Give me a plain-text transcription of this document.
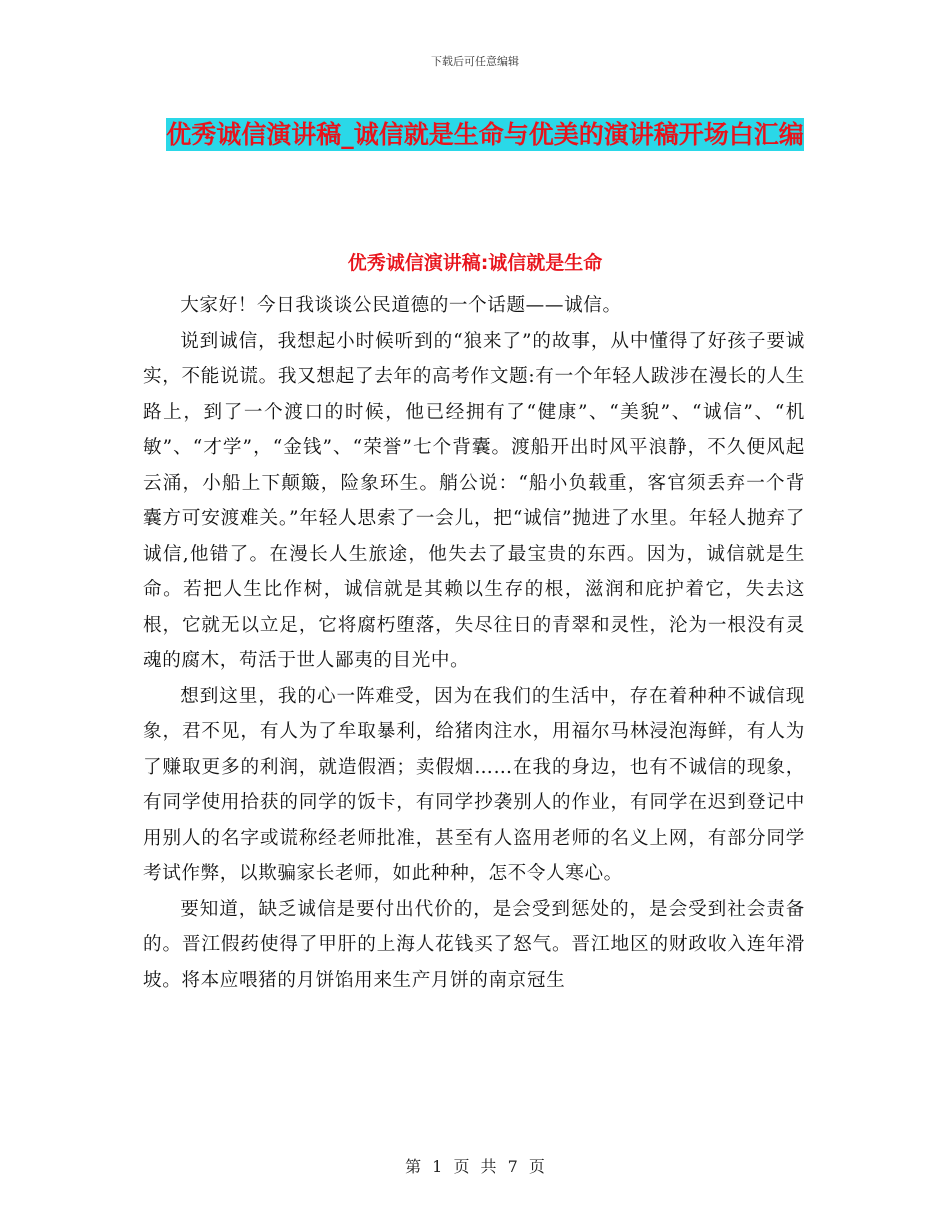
下载后可任意编辑
优秀诚信演讲稿_诚信就是生命与优美的演讲稿开场白汇编
优秀诚信演讲稿:诚信就是生命

大家好！今日我谈谈公民道德的一个话题——诚信。

说到诚信，我想起小时候听到的“狼来了”的故事，从中懂得了好孩子要诚实，不能说谎。我又想起了去年的高考作文题:有一个年轻人跋涉在漫长的人生路上，到了一个渡口的时候，他已经拥有了“健康”、“美貌”、“诚信”、“机敏”、“才学”，“金钱”、“荣誉”七个背囊。渡船开出时风平浪静，不久便风起云涌，小船上下颠簸，险象环生。艄公说：“船小负载重，客官须丢弃一个背囊方可安渡难关。”年轻人思索了一会儿，把“诚信”抛进了水里。年轻人抛弃了诚信,他错了。在漫长人生旅途，他失去了最宝贵的东西。因为，诚信就是生命。若把人生比作树，诚信就是其赖以生存的根，滋润和庇护着它，失去这根，它就无以立足，它将腐朽堕落，失尽往日的青翠和灵性，沦为一根没有灵魂的腐木，苟活于世人鄙夷的目光中。

想到这里，我的心一阵难受，因为在我们的生活中，存在着种种不诚信现象，君不见，有人为了牟取暴利，给猪肉注水，用福尔马林浸泡海鲜，有人为了赚取更多的利润，就造假酒；卖假烟……在我的身边，也有不诚信的现象，有同学使用拾获的同学的饭卡，有同学抄袭别人的作业，有同学在迟到登记中用别人的名字或谎称经老师批准，甚至有人盗用老师的名义上网，有部分同学考试作弊，以欺骗家长老师，如此种种，怎不令人寒心。

要知道，缺乏诚信是要付出代价的，是会受到惩处的，是会受到社会责备的。晋江假药使得了甲肝的上海人花钱买了怒气。晋江地区的财政收入连年滑坡。将本应喂猪的月饼馅用来生产月饼的南京冠生

第 1 页 共 7 页
